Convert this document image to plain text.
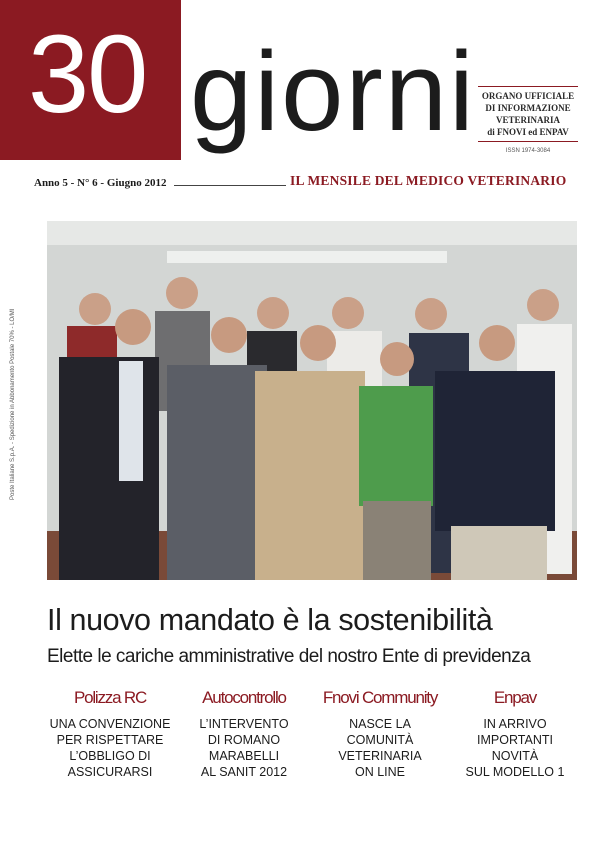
30 giorni ORGANO UFFICIALE
DI INFORMAZIONE
VETERINARIA
di FNOVI ed ENPAV
ISSN 1974-3084
Anno 5 - N° 6 - Giugno 2012	IL MENSILE DEL MEDICO VETERINARIO
Poste Italiane S.p.A. - Spedizione in Abbonamento Postale 70% - LO/MI
Il nuovo mandato è la sostenibilità
Elette le cariche amministrative del nostro Ente di previdenza
Polizza RC
UNA CONVENZIONE
PER RISPETTARE
L’OBBLIGO DI
ASSICURARSI
Autocontrollo
L’INTERVENTO
DI ROMANO
MARABELLI
AL SANIT 2012
Fnovi Community
NASCE LA
COMUNITÀ
VETERINARIA
ON LINE
Enpav
IN ARRIVO
IMPORTANTI
NOVITÀ
SUL MODELLO 1
